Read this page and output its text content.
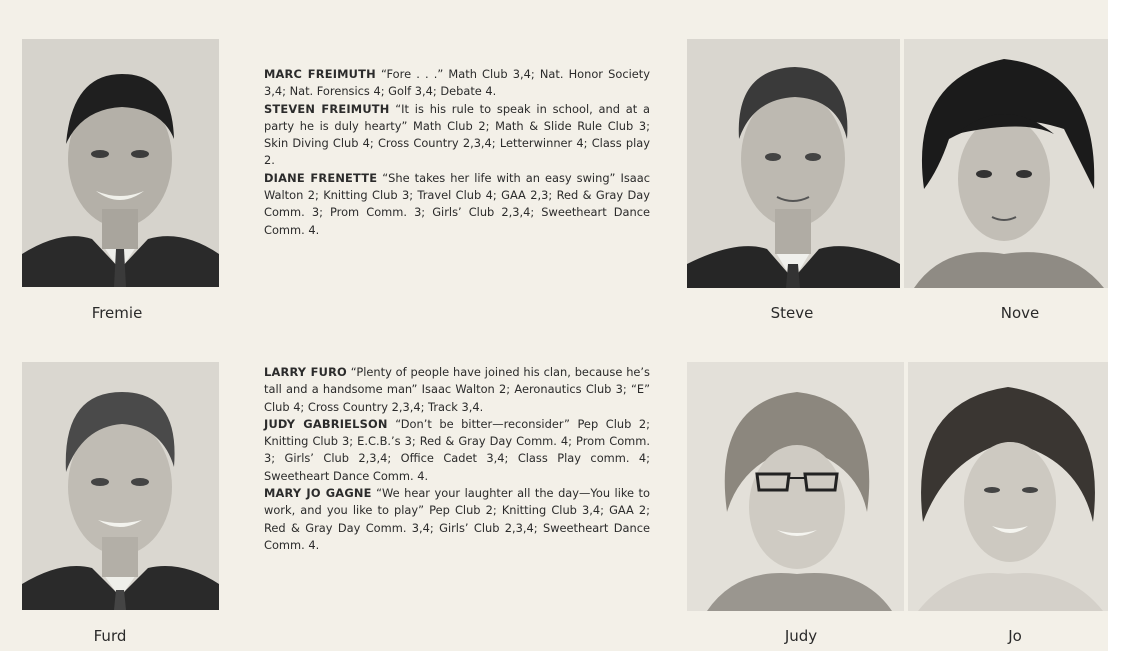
Fremie

MARC FREIMUTH “Fore . . .” Math Club 3,4; Nat. Honor Society 3,4; Nat. Forensics 4; Golf 3,4; Debate 4.

STEVEN FREIMUTH “It is his rule to speak in school, and at a party he is duly hearty” Math Club 2; Math & Slide Rule Club 3; Skin Diving Club 4; Cross Country 2,3,4; Letterwinner 4; Class play 2.

DIANE FRENETTE “She takes her life with an easy swing” Isaac Walton 2; Knitting Club 3; Travel Club 4; GAA 2,3; Red & Gray Day Comm. 3; Prom Comm. 3; Girls’ Club 2,3,4; Sweetheart Dance Comm. 4.

Steve	Nove
Furd

LARRY FURO “Plenty of people have joined his clan, because he’s tall and a handsome man” Isaac Walton 2; Aeronautics Club 3; “E” Club 4; Cross Country 2,3,4; Track 3,4.

JUDY GABRIELSON “Don’t be bitter—reconsider” Pep Club 2; Knitting Club 3; E.C.B.’s 3; Red & Gray Day Comm. 4; Prom Comm. 3; Girls’ Club 2,3,4; Office Cadet 3,4; Class Play comm. 4; Sweetheart Dance Comm. 4.

MARY JO GAGNE “We hear your laughter all the day—You like to work, and you like to play” Pep Club 2; Knitting Club 3,4; GAA 2; Red & Gray Day Comm. 3,4; Girls’ Club 2,3,4; Sweetheart Dance Comm. 4.

Judy	Jo
